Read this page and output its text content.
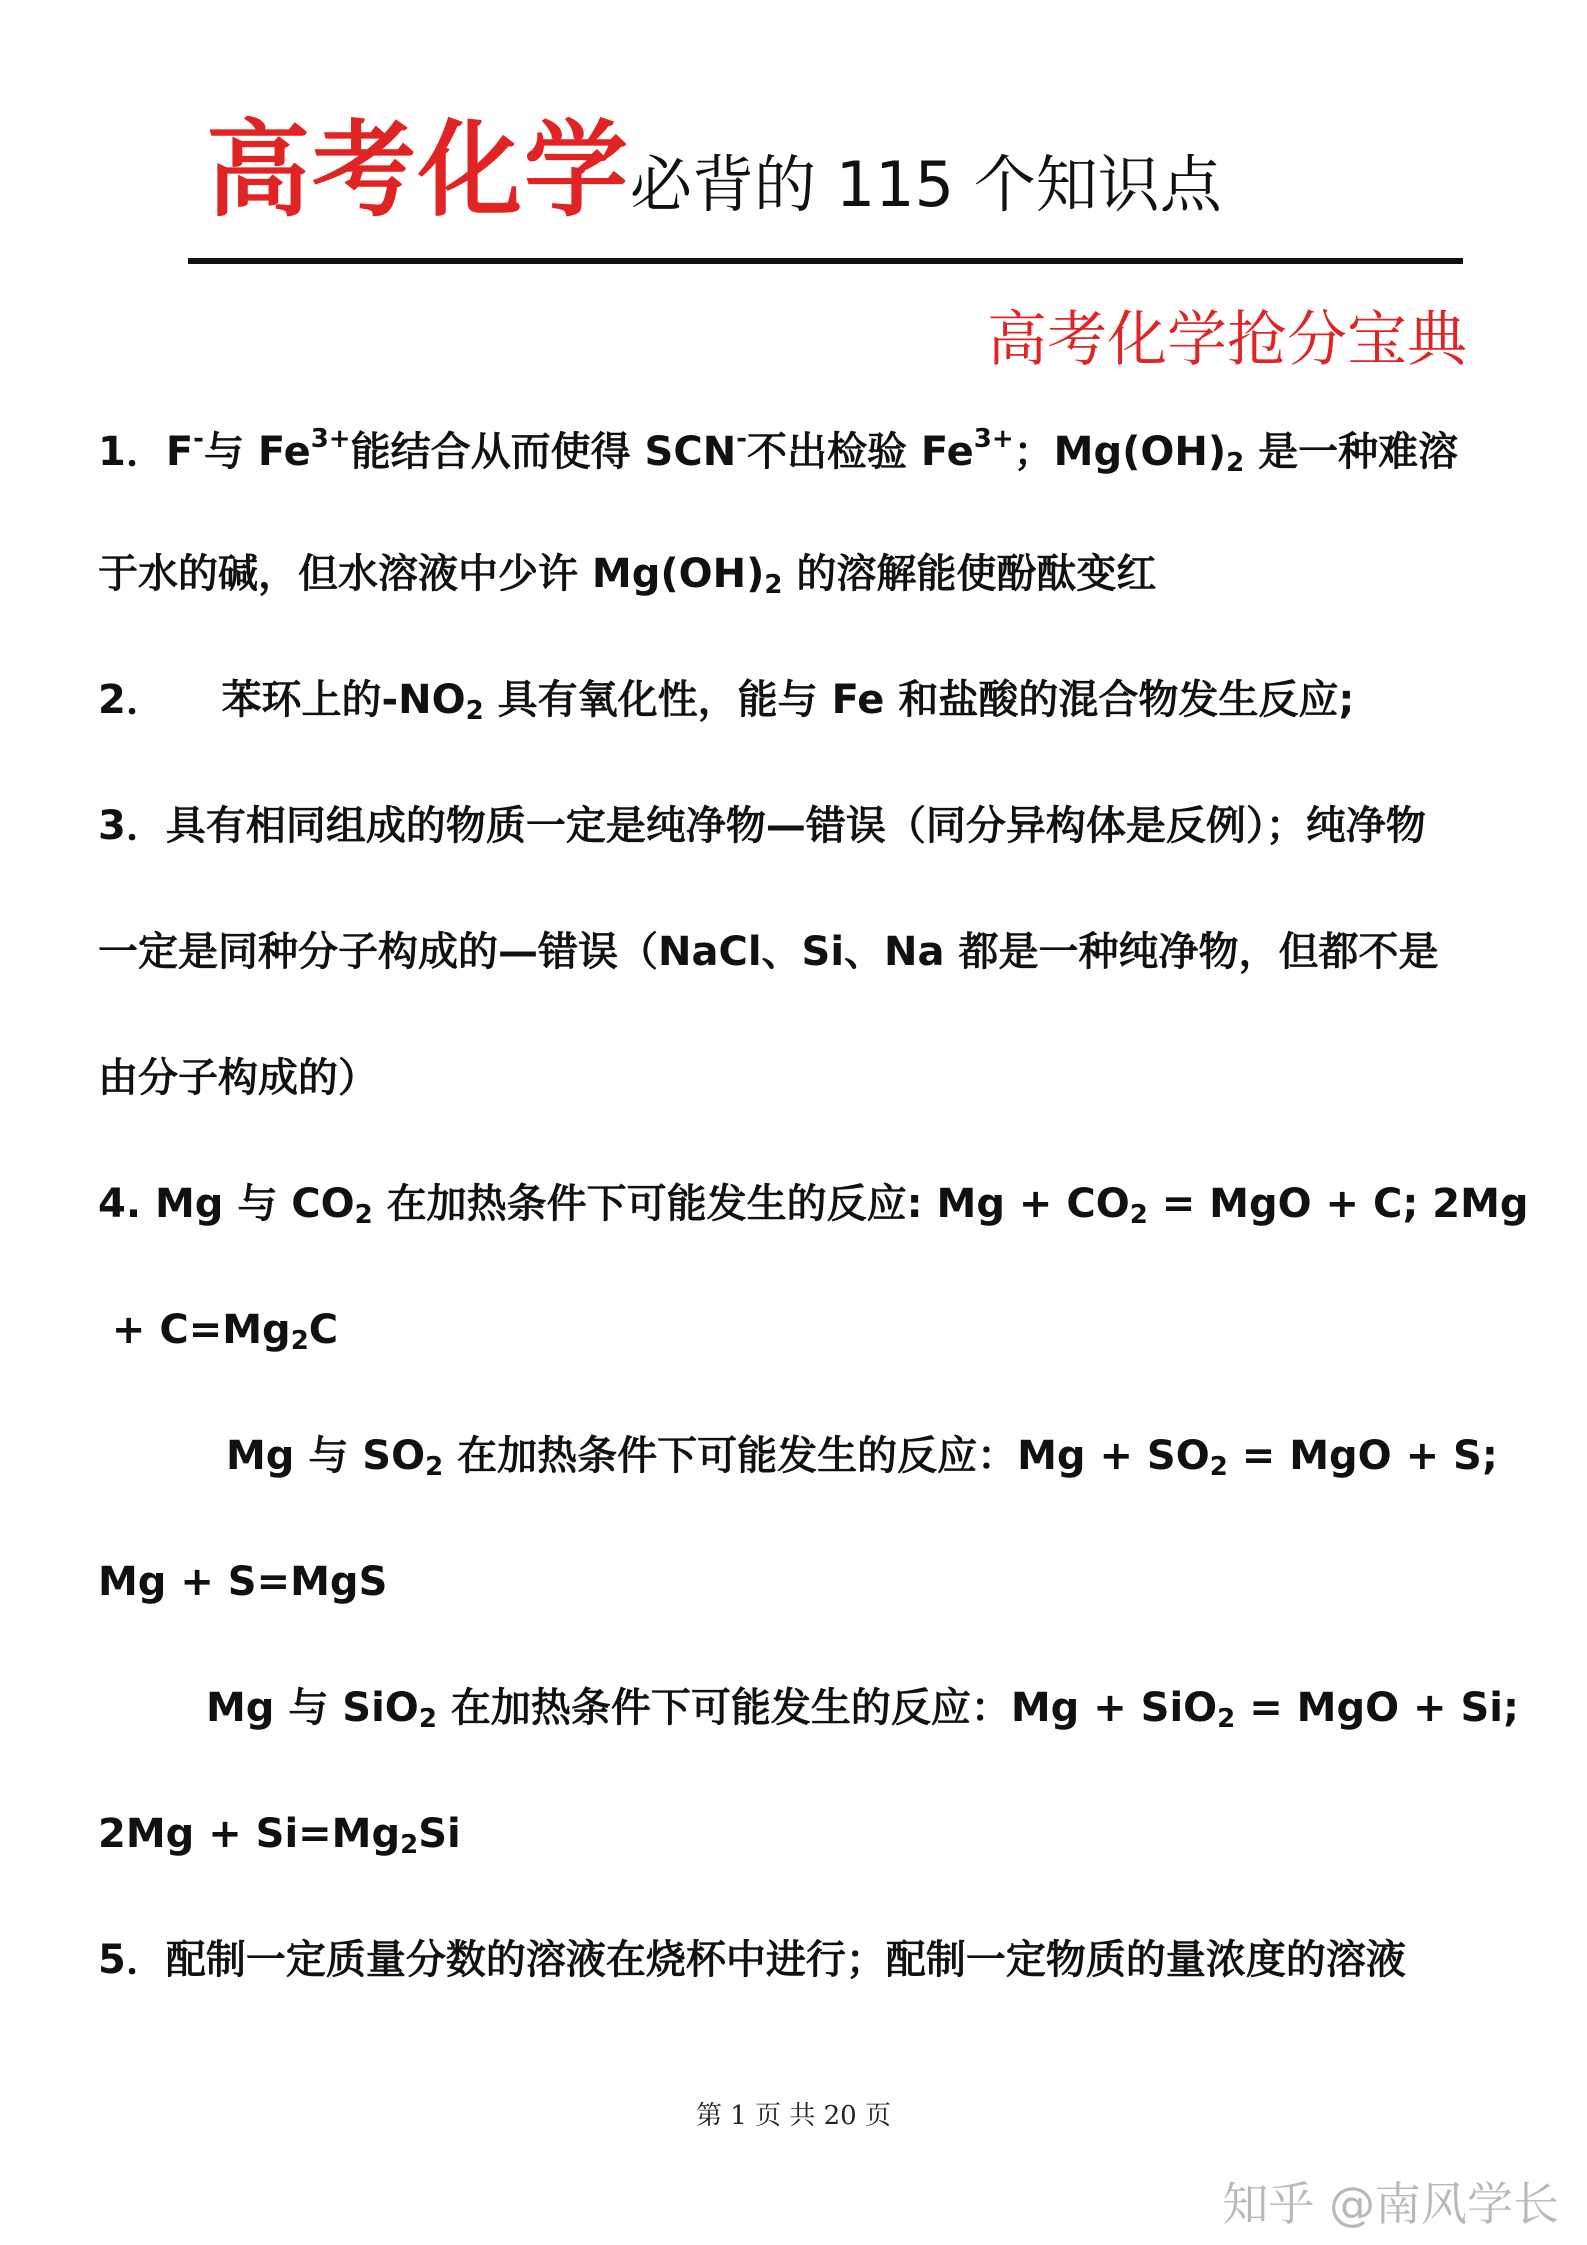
高考化学必背的 115 个知识点
高考化学抢分宝典
1．F-与 $Fe^{3+}$能结合从而使得 SCN-不出检验 $Fe^{3+}$；$Mg(OH)_2$ 是一种难溶
于水的碱，但水溶液中少许 $Mg(OH)_2$ 的溶解能使酚酞变红
2．    苯环上的$-NO_2$ 具有氧化性，能与 Fe 和盐酸的混合物发生反应;
3．具有相同组成的物质一定是纯净物—错误（同分异构体是反例）；纯净物
一定是同种分子构成的—错误（NaCl、Si、Na 都是一种纯净物，但都不是
由分子构成的）
4. Mg 与 $CO_2$ 在加热条件下可能发生的反应: $Mg + CO_2$ = MgO + C; 2Mg
+ $C=Mg_2C$
Mg 与 $SO_2$ 在加热条件下可能发生的反应：$Mg + SO_2$ = MgO + S;
Mg + S=MgS
Mg 与 SiO$_2$ 在加热条件下可能发生的反应：Mg + SiO$_2$ = MgO + Si;
$2Mg + Si=Mg_2Si$
5．配制一定质量分数的溶液在烧杯中进行；配制一定物质的量浓度的溶液
第 1 页 共 20 页
知乎 @南风学长
